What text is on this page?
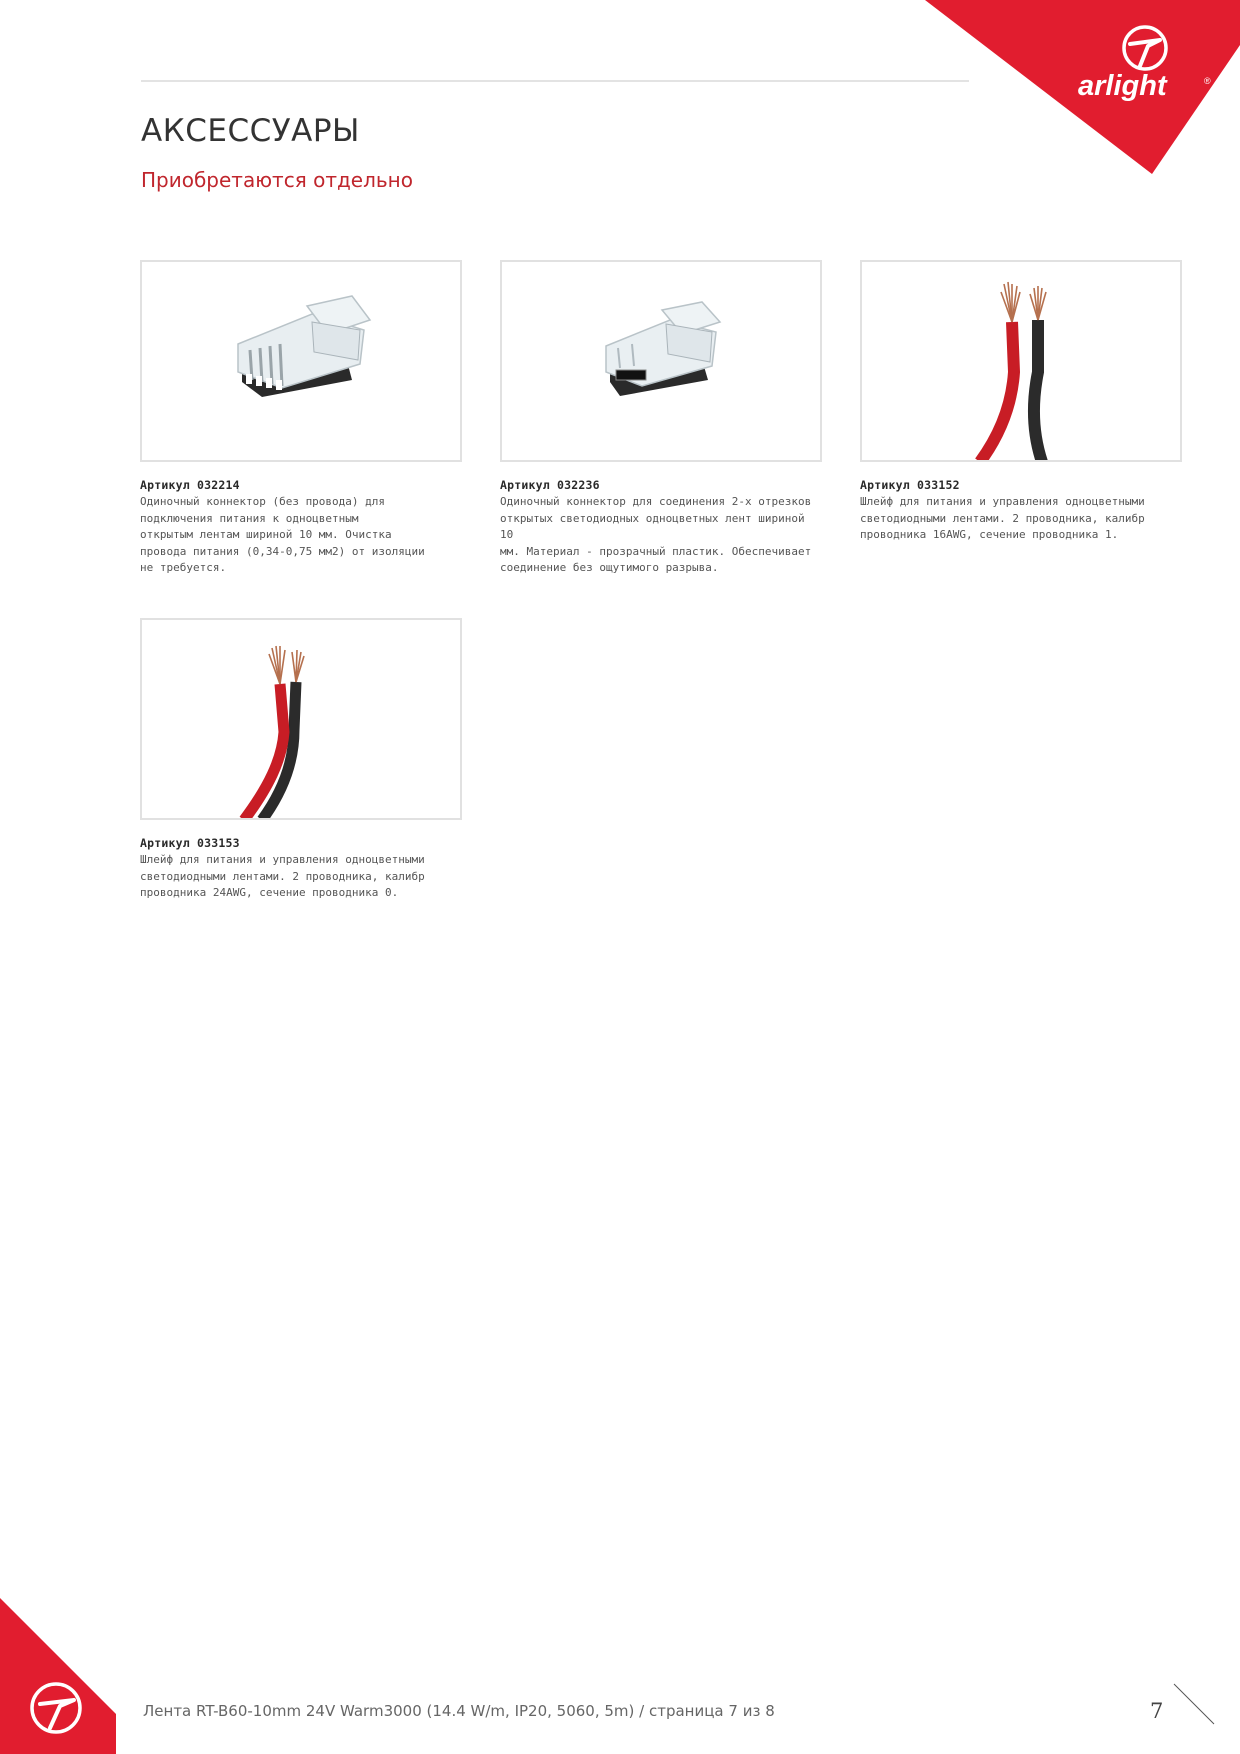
arlight	®
АКСЕССУАРЫ

Приобретаются отдельно

Артикул 032214
Одиночный коннектор (без провода) для
подключения питания к одноцветным
открытым лентам шириной 10 мм. Очистка
провода питания (0,34-0,75 мм2) от изоляции
не требуется.
Артикул 032236
Одиночный коннектор для соединения 2-х отрезков
открытых светодиодных одноцветных лент шириной 10
мм. Материал - прозрачный пластик. Обеспечивает
соединение без ощутимого разрыва.
Артикул 033152
Шлейф для питания и управления одноцветными
светодиодными лентами. 2 проводника, калибр
проводника 16AWG, сечение проводника 1.
Артикул 033153
Шлейф для питания и управления одноцветными
светодиодными лентами. 2 проводника, калибр
проводника 24AWG, сечение проводника 0.
Лента RT-B60-10mm 24V Warm3000 (14.4 W/m, IP20, 5060, 5m) / страница 7 из 8	7
